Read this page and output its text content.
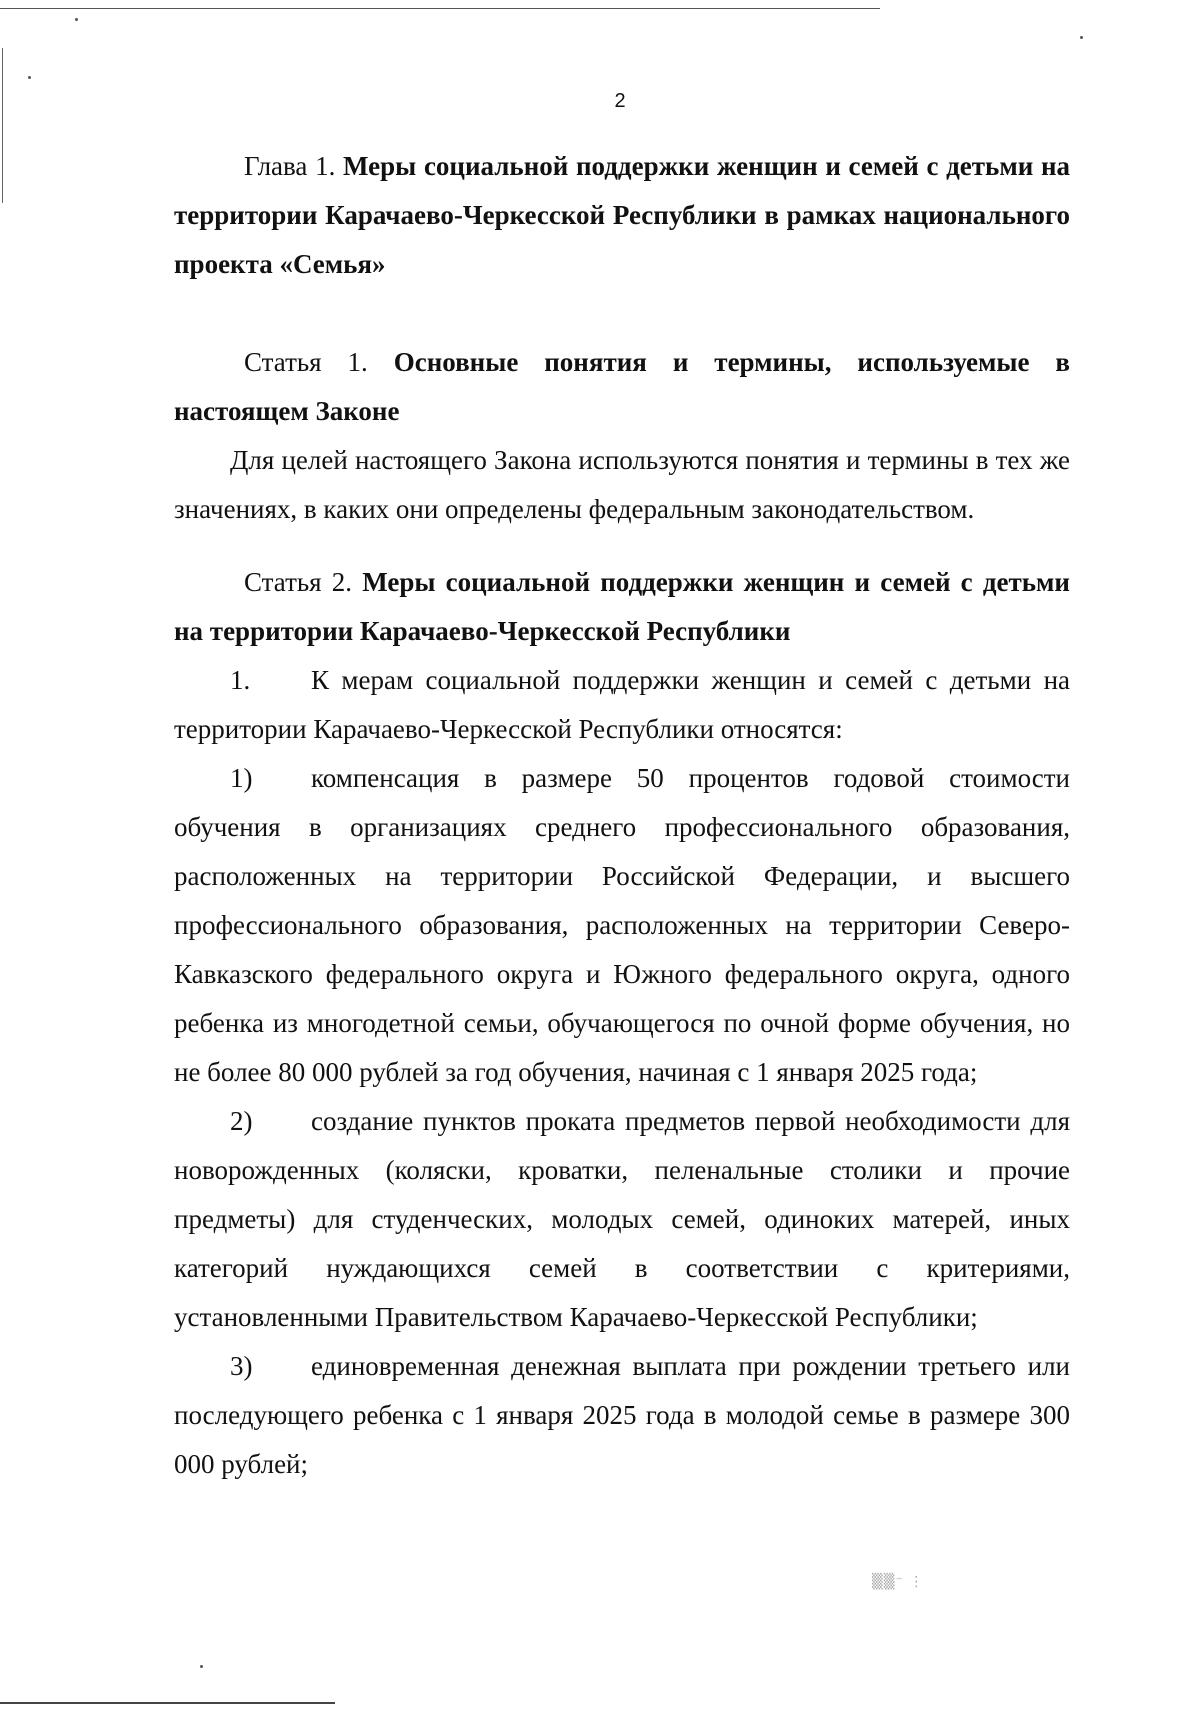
2

Глава 1. Меры социальной поддержки женщин и семей с детьми на территории Карачаево-Черкесской Республики в рамках национального проекта «Семья»

Статья 1. Основные понятия и термины, используемые в настоящем Законе

Для целей настоящего Закона используются понятия и термины в тех же значениях, в каких они определены федеральным законодательством.

Статья 2. Меры социальной поддержки женщин и семей с детьми на территории Карачаево-Черкесской Республики

1. К мерам социальной поддержки женщин и семей с детьми на территории Карачаево-Черкесской Республики относятся:

1) компенсация в размере 50 процентов годовой стоимости обучения в организациях среднего профессионального образования, расположенных на территории Российской Федерации, и высшего профессионального образования, расположенных на территории Северо-Кавказского федерального округа и Южного федерального округа, одного ребенка из многодетной семьи, обучающегося по очной форме обучения, но не более 80 000 рублей за год обучения, начиная с 1 января 2025 года;

2) создание пунктов проката предметов первой необходимости для новорожденных (коляски, кроватки, пеленальные столики и прочие предметы) для студенческих, молодых семей, одиноких матерей, иных категорий нуждающихся семей в соответствии с критериями, установленными Правительством Карачаево-Черкесской Республики;

3) единовременная денежная выплата при рождении третьего или последующего ребенка с 1 января 2025 года в молодой семье в размере 300 000 рублей;

▒▒⁻ ⋮
